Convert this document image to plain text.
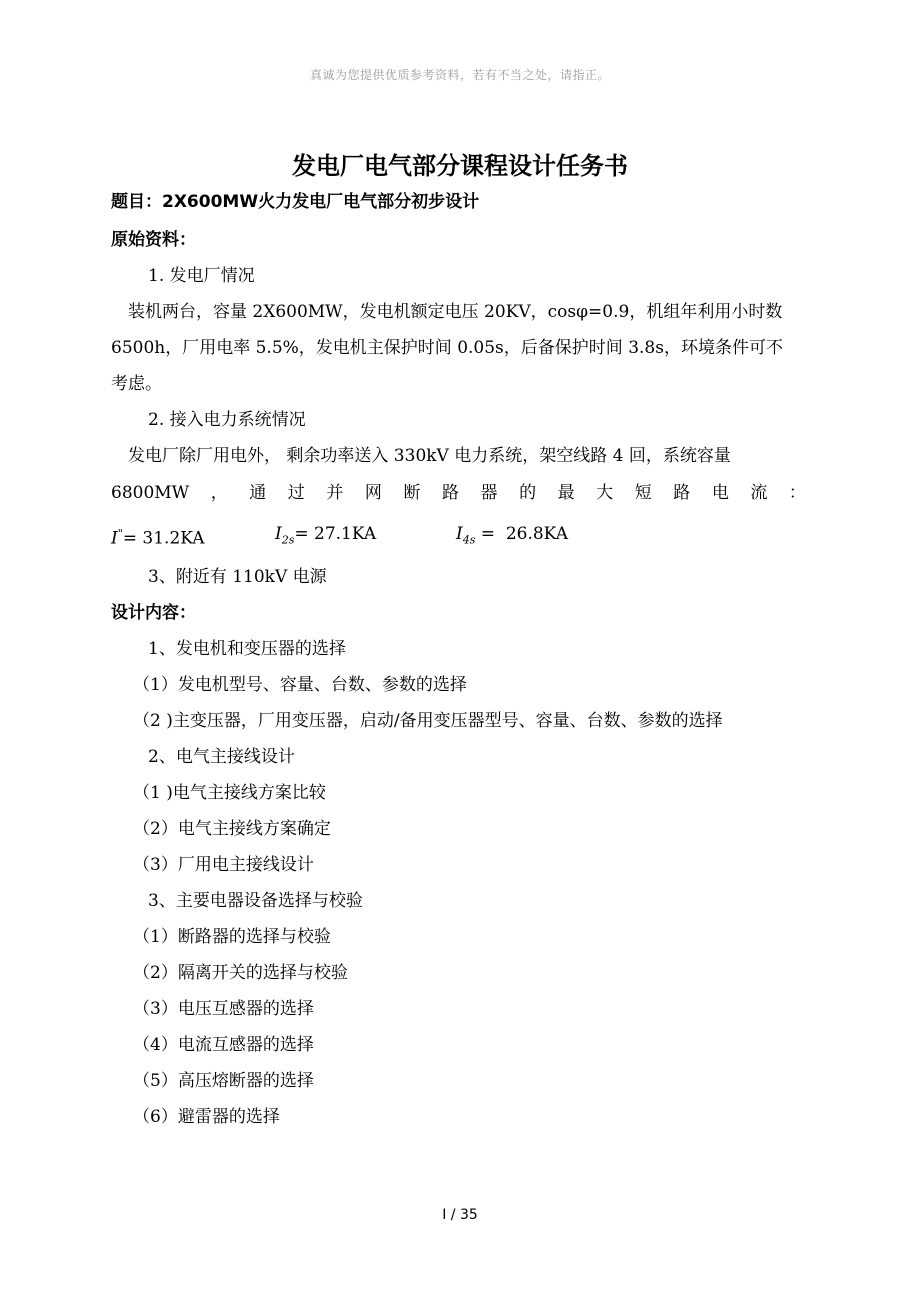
真诚为您提供优质参考资料，若有不当之处，请指正。
发电厂电气部分课程设计任务书
题目：2X600MW火力发电厂电气部分初步设计
原始资料：
1. 发电厂情况
装机两台，容量 2X600MW，发电机额定电压 20KV，cosφ=0.9，机组年利用小时数
6500h，厂用电率 5.5%，发电机主保护时间 0.05s，后备保护时间 3.8s，环境条件可不
考虑。
2. 接入电力系统情况
发电厂除厂用电外， 剩余功率送入 330kV 电力系统，架空线路 4 回，系统容量
6800MW ， 通 过 并 网 断 路 器 的 最 大 短 路 电 流 ：
I"= 31.2KA	$I_{2s}= 27.1KA$	$I_{4s} = 26.8KA$
3、附近有 110kV 电源
设计内容：
1、发电机和变压器的选择
（1）发电机型号、容量、台数、参数的选择
（2 )主变压器，厂用变压器，启动/备用变压器型号、容量、台数、参数的选择
2、电气主接线设计
（1 )电气主接线方案比较
（2）电气主接线方案确定
（3）厂用电主接线设计
3、主要电器设备选择与校验
（1）断路器的选择与校验
（2）隔离开关的选择与校验
（3）电压互感器的选择
（4）电流互感器的选择
（5）高压熔断器的选择
（6）避雷器的选择
I / 35
